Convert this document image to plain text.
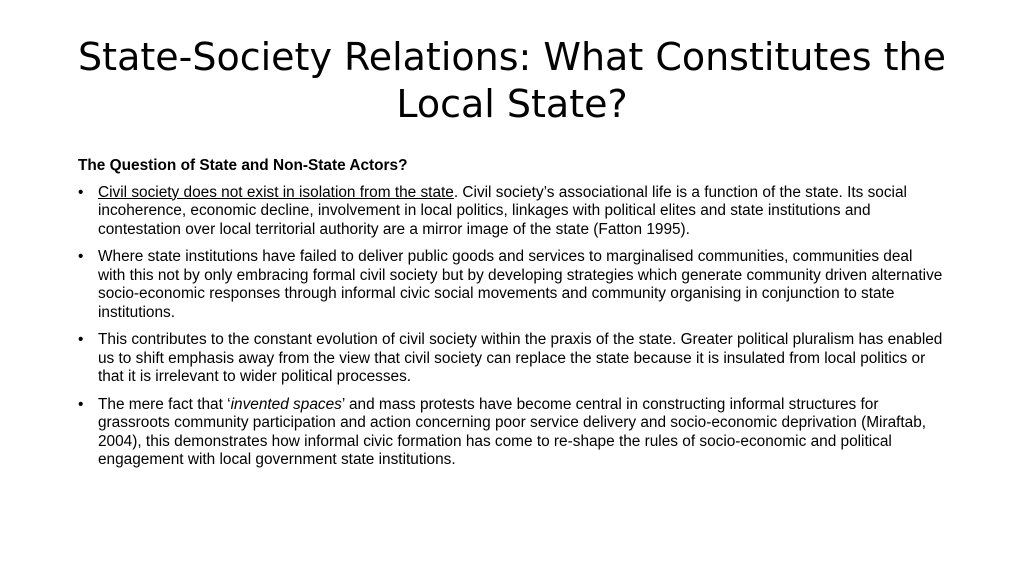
State-Society Relations: What Constitutes the
Local State?
The Question of State and Non-State Actors?
• Civil society does not exist in isolation from the state. Civil society’s associational life is a function of the state. Its social incoherence, economic decline, involvement in local politics, linkages with political elites and state institutions and contestation over local territorial authority are a mirror image of the state (Fatton 1995).
• Where state institutions have failed to deliver public goods and services to marginalised communities, communities deal with this not by only embracing formal civil society but by developing strategies which generate community driven alternative socio-economic responses through informal civic social movements and community organising in conjunction to state institutions.
• This contributes to the constant evolution of civil society within the praxis of the state. Greater political pluralism has enabled us to shift emphasis away from the view that civil society can replace the state because it is insulated from local politics or that it is irrelevant to wider political processes.
• The mere fact that ‘invented spaces’ and mass protests have become central in constructing informal structures for grassroots community participation and action concerning poor service delivery and socio-economic deprivation (Miraftab, 2004), this demonstrates how informal civic formation has come to re-shape the rules of socio-economic and political engagement with local government state institutions.
